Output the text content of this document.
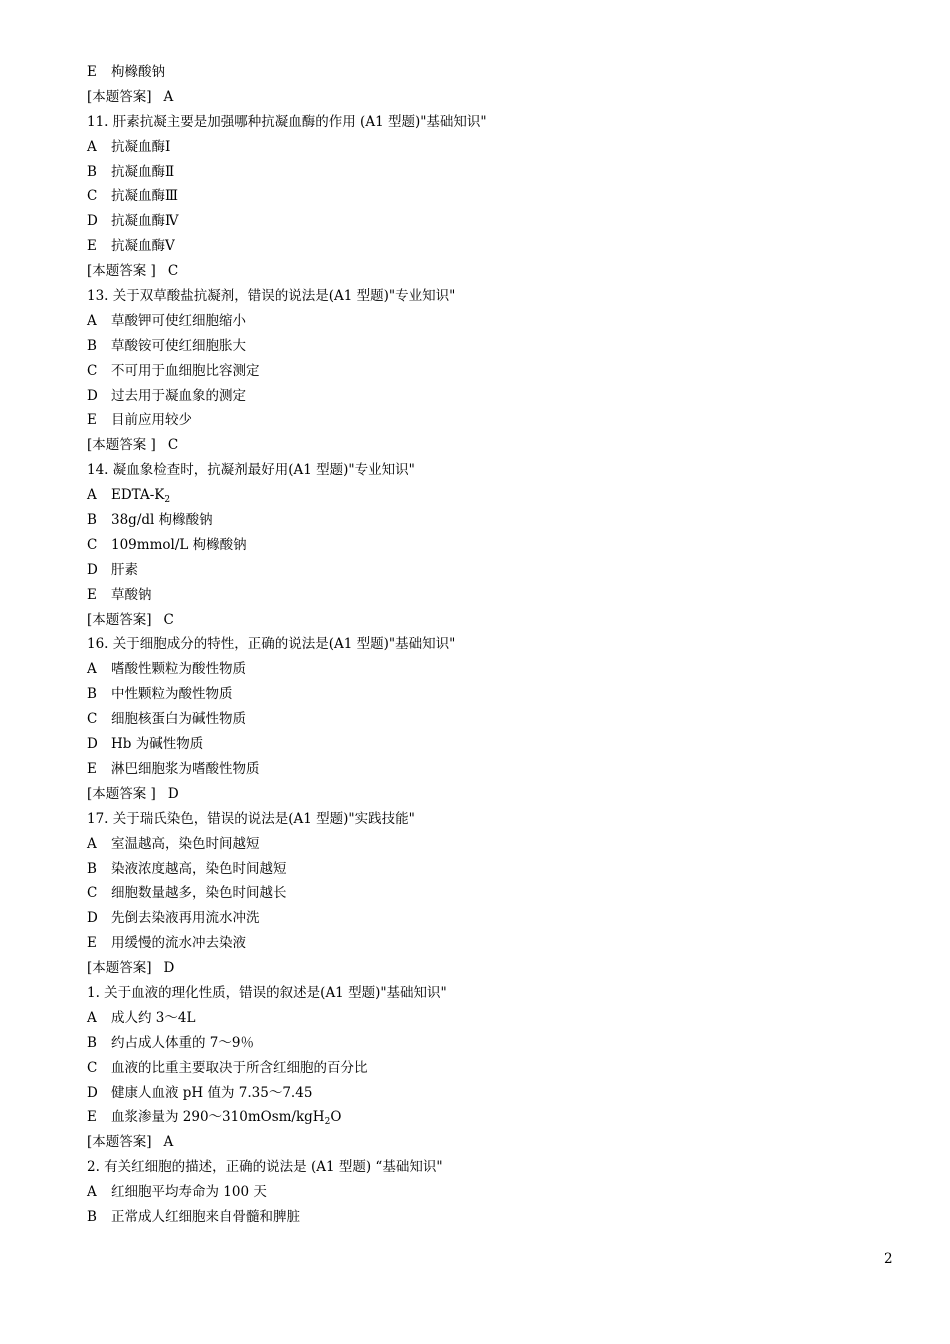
E 枸橼酸钠
[本题答案] A
11. 肝素抗凝主要是加强哪种抗凝血酶的作用 (A1 型题)"基础知识"
A 抗凝血酶Ⅰ
B 抗凝血酶Ⅱ
C 抗凝血酶Ⅲ
D 抗凝血酶Ⅳ
E 抗凝血酶Ⅴ
[本题答案 ] C
13. 关于双草酸盐抗凝剂，错误的说法是(A1 型题)"专业知识"
A 草酸钾可使红细胞缩小
B 草酸铵可使红细胞胀大
C 不可用于血细胞比容测定
D 过去用于凝血象的测定
E 目前应用较少
[本题答案 ] C
14. 凝血象检查时，抗凝剂最好用(A1 型题)"专业知识"
A EDTA-$K_2$
B 38g/dl 枸橼酸钠
C 109mmol/L 枸橼酸钠
D 肝素
E 草酸钠
[本题答案] C
16. 关于细胞成分的特性，正确的说法是(A1 型题)"基础知识"
A 嗜酸性颗粒为酸性物质
B 中性颗粒为酸性物质
C 细胞核蛋白为碱性物质
D Hb 为碱性物质
E 淋巴细胞浆为嗜酸性物质
[本题答案 ] D
17. 关于瑞氏染色，错误的说法是(A1 型题)"实践技能"
A 室温越高，染色时间越短
B 染液浓度越高，染色时间越短
C 细胞数量越多，染色时间越长
D 先倒去染液再用流水冲洗
E 用缓慢的流水冲去染液
[本题答案] D
1. 关于血液的理化性质，错误的叙述是(A1 型题)"基础知识"
A 成人约 3～4L
B 约占成人体重的 7～9％
C 血液的比重主要取决于所含红细胞的百分比
D 健康人血液 pH 值为 7.35～7.45
E 血浆渗量为 290～310mOsm/kgH$_2$O
[本题答案] A
2. 有关红细胞的描述，正确的说法是 (A1 型题) “基础知识"
A 红细胞平均寿命为 100 天
B 正常成人红细胞来自骨髓和脾脏
2
